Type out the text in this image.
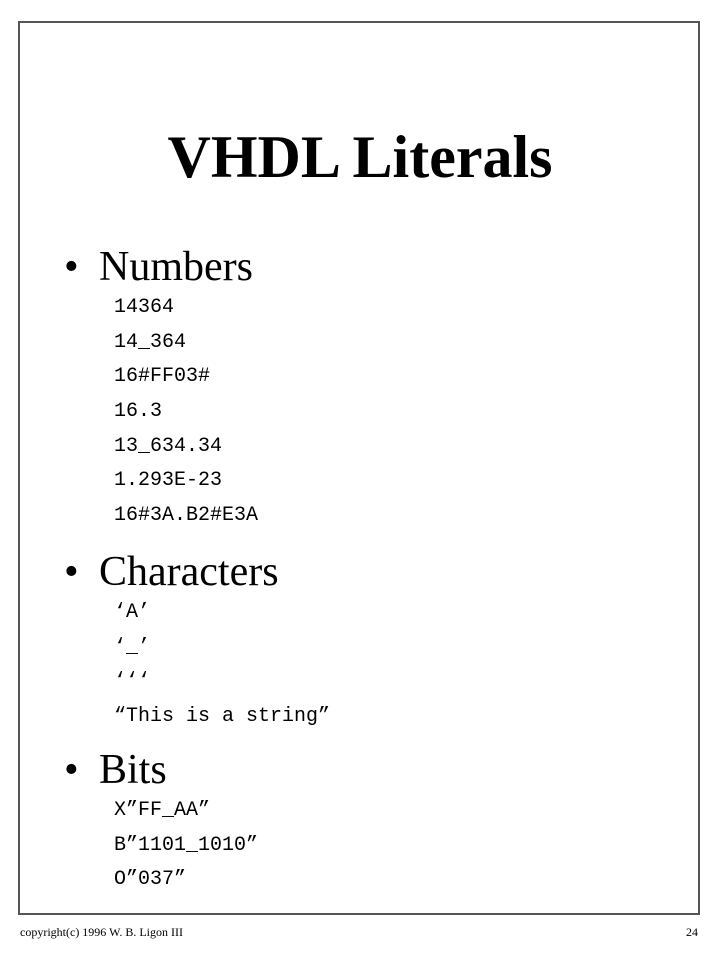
VHDL Literals
• Numbers
14364
14_364
16#FF03#
16.3
13_634.34
1.293E-23
16#3A.B2#E3A
• Characters
‘A’
‘_’
‘‘‘
“This is a string”
• Bits
X”FF_AA”
B”1101_1010”
O”037”
copyright(c) 1996 W. B. Ligon III	24
